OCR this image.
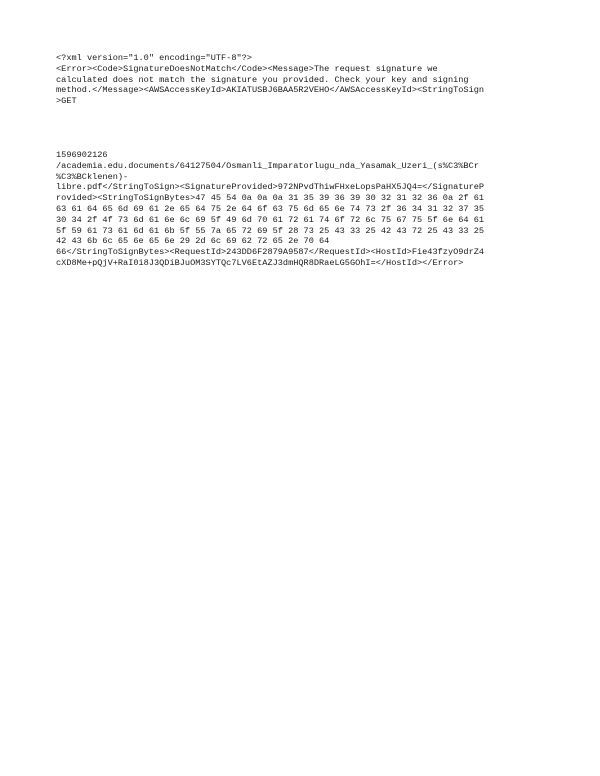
<?xml version="1.0" encoding="UTF-8"?>
<Error><Code>SignatureDoesNotMatch</Code><Message>The request signature we
calculated does not match the signature you provided. Check your key and signing
method.</Message><AWSAccessKeyId>AKIATUSBJ6BAA5R2VEHO</AWSAccessKeyId><StringToSign
>GET
1596902126
/academia.edu.documents/64127504/Osmanli_Imparatorlugu_nda_Yasamak_Uzeri_(s%C3%BCr
%C3%BCklenen)-
libre.pdf</StringToSign><SignatureProvided>972NPvdThiwFHxeLopsPaHX5JQ4=</SignatureP
rovided><StringToSignBytes>47 45 54 0a 0a 0a 31 35 39 36 39 30 32 31 32 36 0a 2f 61
63 61 64 65 6d 69 61 2e 65 64 75 2e 64 6f 63 75 6d 65 6e 74 73 2f 36 34 31 32 37 35
30 34 2f 4f 73 6d 61 6e 6c 69 5f 49 6d 70 61 72 61 74 6f 72 6c 75 67 75 5f 6e 64 61
5f 59 61 73 61 6d 61 6b 5f 55 7a 65 72 69 5f 28 73 25 43 33 25 42 43 72 25 43 33 25
42 43 6b 6c 65 6e 65 6e 29 2d 6c 69 62 72 65 2e 70 64
66</StringToSignBytes><RequestId>243DD6F2879A9587</RequestId><HostId>Fie43fzyO9drZ4
cXD8Me+pQjV+RaI0i8J3QDiBJuOM3SYTQc7LV6EtAZJ3dmHQR8DRaeLG5GOhI=</HostId></Error>
